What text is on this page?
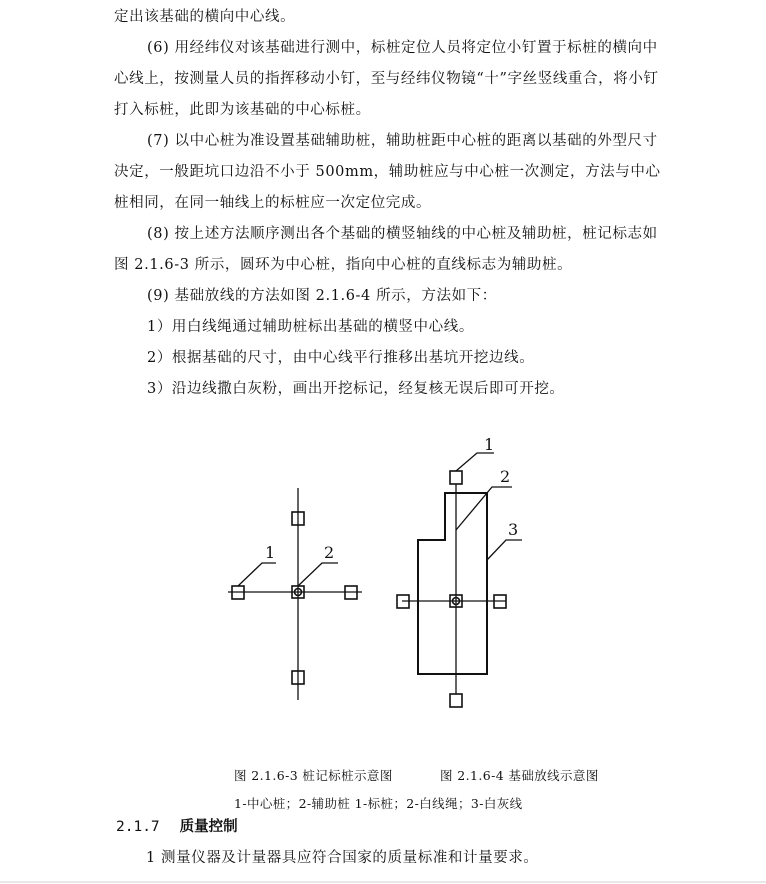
定出该基础的横向中心线。

(6) 用经纬仪对该基础进行测中，标桩定位人员将定位小钉置于标桩的横向中心线上，按测量人员的指挥移动小钉，至与经纬仪物镜“十”字丝竖线重合，将小钉打入标桩，此即为该基础的中心标桩。

(7) 以中心桩为准设置基础辅助桩，辅助桩距中心桩的距离以基础的外型尺寸决定，一般距坑口边沿不小于 500mm，辅助桩应与中心桩一次测定，方法与中心桩相同，在同一轴线上的标桩应一次定位完成。

(8) 按上述方法顺序测出各个基础的横竖轴线的中心桩及辅助桩，桩记标志如图 2.1.6-3 所示，圆环为中心桩，指向中心桩的直线标志为辅助桩。

(9) 基础放线的方法如图 2.1.6-4 所示，方法如下：

1）用白线绳通过辅助桩标出基础的横竖中心线。

2）根据基础的尺寸，由中心线平行推移出基坑开挖边线。

3）沿边线撒白灰粉，画出开挖标记，经复核无误后即可开挖。

1	2
1
2
3
图 2.1.6-3 桩记标桩示意图	图 2.1.6-4 基础放线示意图
1-中心桩；2-辅助桩 1-标桩；2-白线绳；3-白灰线
2.1.7 质量控制

1 测量仪器及计量器具应符合国家的质量标准和计量要求。
